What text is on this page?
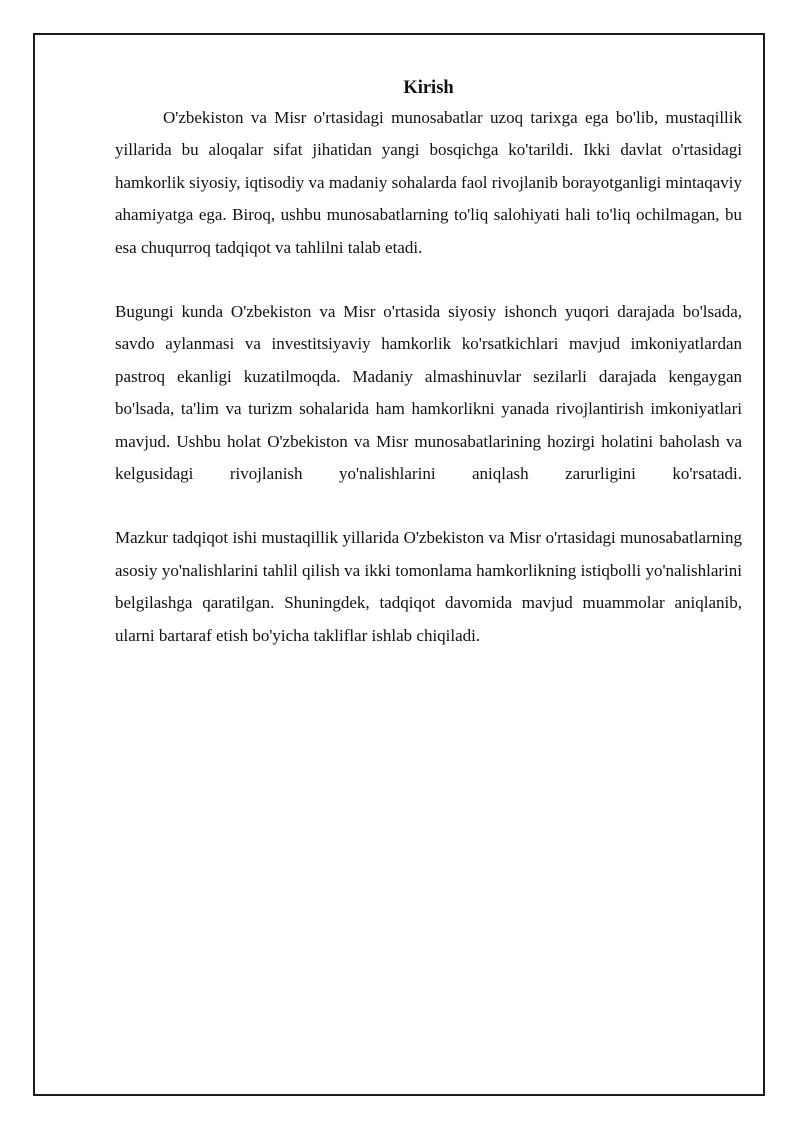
Kirish

O'zbekiston va Misr o'rtasidagi munosabatlar uzoq tarixga ega bo'lib, mustaqillik yillarida bu aloqalar sifat jihatidan yangi bosqichga ko'tarildi. Ikki davlat o'rtasidagi hamkorlik siyosiy, iqtisodiy va madaniy sohalarda faol rivojlanib borayotganligi mintaqaviy ahamiyatga ega. Biroq, ushbu munosabatlarning to'liq salohiyati hali to'liq ochilmagan, bu esa chuqurroq tadqiqot va tahlilni talab etadi.

Bugungi kunda O'zbekiston va Misr o'rtasida siyosiy ishonch yuqori darajada bo'lsada, savdo aylanmasi va investitsiyaviy hamkorlik ko'rsatkichlari mavjud imkoniyatlardan pastroq ekanligi kuzatilmoqda. Madaniy almashinuvlar sezilarli darajada kengaygan bo'lsada, ta'lim va turizm sohalarida ham hamkorlikni yanada rivojlantirish imkoniyatlari mavjud. Ushbu holat O'zbekiston va Misr munosabatlarining hozirgi holatini baholash va kelgusidagi rivojlanish yo'nalishlarini aniqlash zarurligini ko'rsatadi.

Mazkur tadqiqot ishi mustaqillik yillarida O'zbekiston va Misr o'rtasidagi munosabatlarning asosiy yo'nalishlarini tahlil qilish va ikki tomonlama hamkorlikning istiqbolli yo'nalishlarini belgilashga qaratilgan. Shuningdek, tadqiqot davomida mavjud muammolar aniqlanib, ularni bartaraf etish bo'yicha takliflar ishlab chiqiladi.
